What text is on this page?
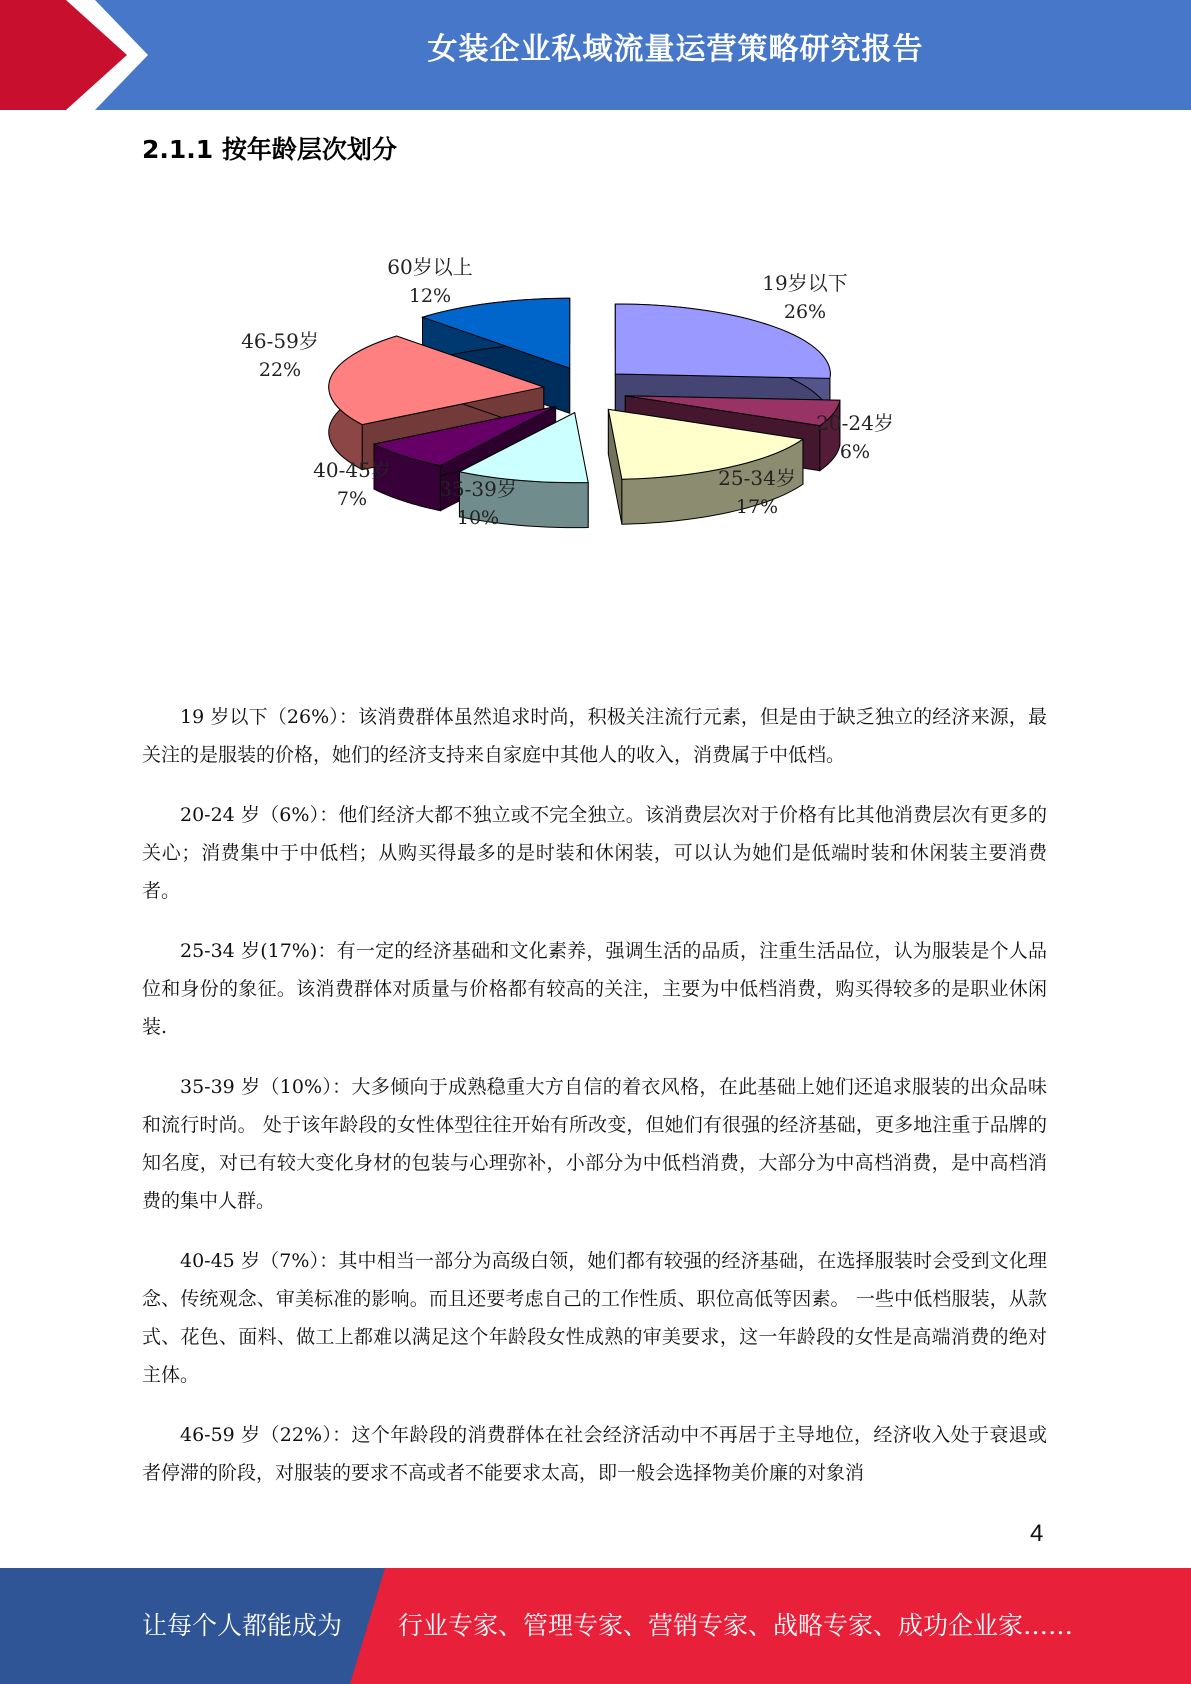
女装企业私域流量运营策略研究报告
2.1.1 按年龄层次划分
19岁以下
26%
20-24岁
6%
25-34岁
17%
35-39岁
10%
40-45岁
7%
46-59岁
22%
60岁以上
12%

19 岁以下（26%）：该消费群体虽然追求时尚，积极关注流行元素，但是由于缺乏独立的经济来源，最关注的是服装的价格，她们的经济支持来自家庭中其他人的收入，消费属于中低档。

20-24 岁（6%）：他们经济大都不独立或不完全独立。该消费层次对于价格有比其他消费层次有更多的关心；消费集中于中低档；从购买得最多的是时装和休闲装，可以认为她们是低端时装和休闲装主要消费者。

25-34 岁(17%)：有一定的经济基础和文化素养，强调生活的品质，注重生活品位，认为服装是个人品位和身份的象征。该消费群体对质量与价格都有较高的关注，主要为中低档消费，购买得较多的是职业休闲装.

35-39 岁（10%）：大多倾向于成熟稳重大方自信的着衣风格，在此基础上她们还追求服装的出众品味和流行时尚。 处于该年龄段的女性体型往往开始有所改变，但她们有很强的经济基础，更多地注重于品牌的知名度，对已有较大变化身材的包装与心理弥补，小部分为中低档消费，大部分为中高档消费，是中高档消费的集中人群。

40-45 岁（7%）：其中相当一部分为高级白领，她们都有较强的经济基础，在选择服装时会受到文化理念、传统观念、审美标准的影响。而且还要考虑自己的工作性质、职位高低等因素。 一些中低档服装，从款式、花色、面料、做工上都难以满足这个年龄段女性成熟的审美要求，这一年龄段的女性是高端消费的绝对主体。

46-59 岁（22%）：这个年龄段的消费群体在社会经济活动中不再居于主导地位，经济收入处于衰退或者停滞的阶段，对服装的要求不高或者不能要求太高，即一般会选择物美价廉的对象消

4
让每个人都能成为 行业专家、管理专家、营销专家、战略专家、成功企业家……
